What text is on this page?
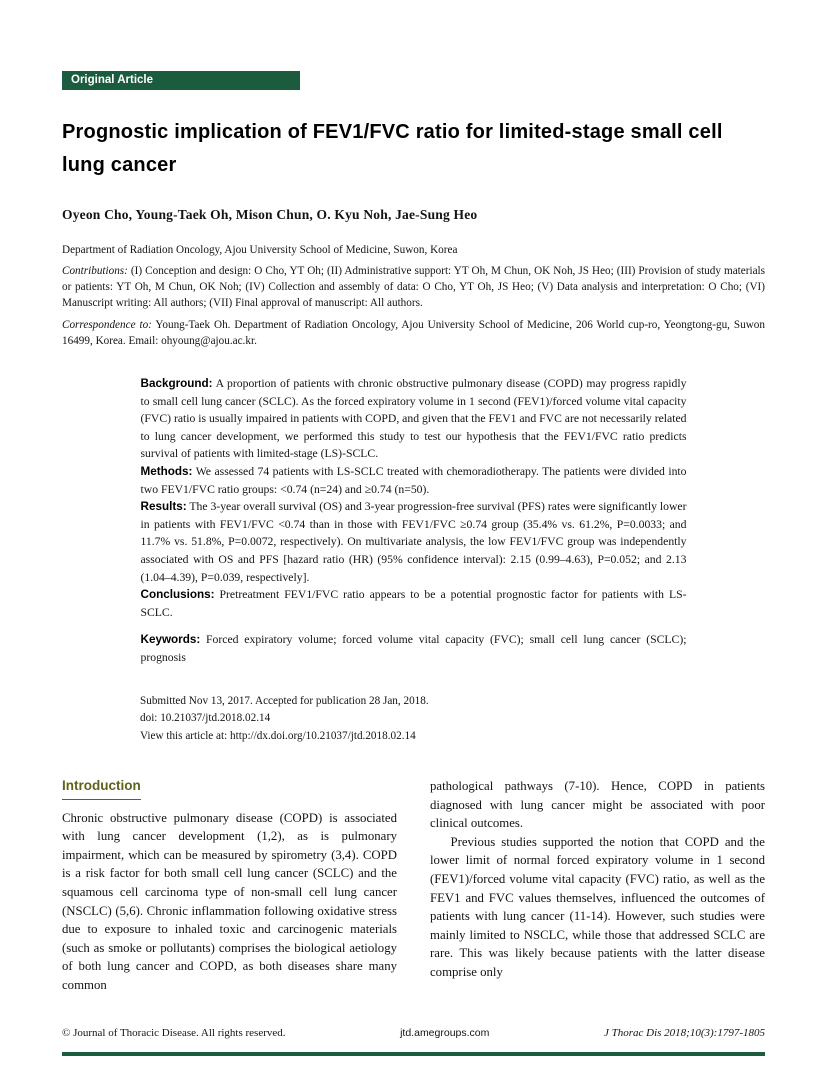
Original Article
Prognostic implication of FEV1/FVC ratio for limited-stage small cell lung cancer
Oyeon Cho, Young-Taek Oh, Mison Chun, O. Kyu Noh, Jae-Sung Heo
Department of Radiation Oncology, Ajou University School of Medicine, Suwon, Korea

Contributions: (I) Conception and design: O Cho, YT Oh; (II) Administrative support: YT Oh, M Chun, OK Noh, JS Heo; (III) Provision of study materials or patients: YT Oh, M Chun, OK Noh; (IV) Collection and assembly of data: O Cho, YT Oh, JS Heo; (V) Data analysis and interpretation: O Cho; (VI) Manuscript writing: All authors; (VII) Final approval of manuscript: All authors.

Correspondence to: Young-Taek Oh. Department of Radiation Oncology, Ajou University School of Medicine, 206 World cup-ro, Yeongtong-gu, Suwon 16499, Korea. Email: ohyoung@ajou.ac.kr.

Background: A proportion of patients with chronic obstructive pulmonary disease (COPD) may progress rapidly to small cell lung cancer (SCLC). As the forced expiratory volume in 1 second (FEV1)/forced volume vital capacity (FVC) ratio is usually impaired in patients with COPD, and given that the FEV1 and FVC are not necessarily related to lung cancer development, we performed this study to test our hypothesis that the FEV1/FVC ratio predicts survival of patients with limited-stage (LS)-SCLC.

Methods: We assessed 74 patients with LS-SCLC treated with chemoradiotherapy. The patients were divided into two FEV1/FVC ratio groups: <0.74 (n=24) and ≥0.74 (n=50).

Results: The 3-year overall survival (OS) and 3-year progression-free survival (PFS) rates were significantly lower in patients with FEV1/FVC <0.74 than in those with FEV1/FVC ≥0.74 group (35.4% vs. 61.2%, P=0.0033; and 11.7% vs. 51.8%, P=0.0072, respectively). On multivariate analysis, the low FEV1/FVC group was independently associated with OS and PFS [hazard ratio (HR) (95% confidence interval): 2.15 (0.99–4.63), P=0.052; and 2.13 (1.04–4.39), P=0.039, respectively].

Conclusions: Pretreatment FEV1/FVC ratio appears to be a potential prognostic factor for patients with LS-SCLC.

Keywords: Forced expiratory volume; forced volume vital capacity (FVC); small cell lung cancer (SCLC); prognosis

Submitted Nov 13, 2017. Accepted for publication 28 Jan, 2018.
doi: 10.21037/jtd.2018.02.14
View this article at: http://dx.doi.org/10.21037/jtd.2018.02.14
Introduction

Chronic obstructive pulmonary disease (COPD) is associated with lung cancer development (1,2), as is pulmonary impairment, which can be measured by spirometry (3,4). COPD is a risk factor for both small cell lung cancer (SCLC) and the squamous cell carcinoma type of non-small cell lung cancer (NSCLC) (5,6). Chronic inflammation following oxidative stress due to exposure to inhaled toxic and carcinogenic materials (such as smoke or pollutants) comprises the biological aetiology of both lung cancer and COPD, as both diseases share many common

pathological pathways (7-10). Hence, COPD in patients diagnosed with lung cancer might be associated with poor clinical outcomes.

Previous studies supported the notion that COPD and the lower limit of normal forced expiratory volume in 1 second (FEV1)/forced volume vital capacity (FVC) ratio, as well as the FEV1 and FVC values themselves, influenced the outcomes of patients with lung cancer (11-14). However, such studies were mainly limited to NSCLC, while those that addressed SCLC are rare. This was likely because patients with the latter disease comprise only

© Journal of Thoracic Disease. All rights reserved.	jtd.amegroups.com	J Thorac Dis 2018;10(3):1797-1805
